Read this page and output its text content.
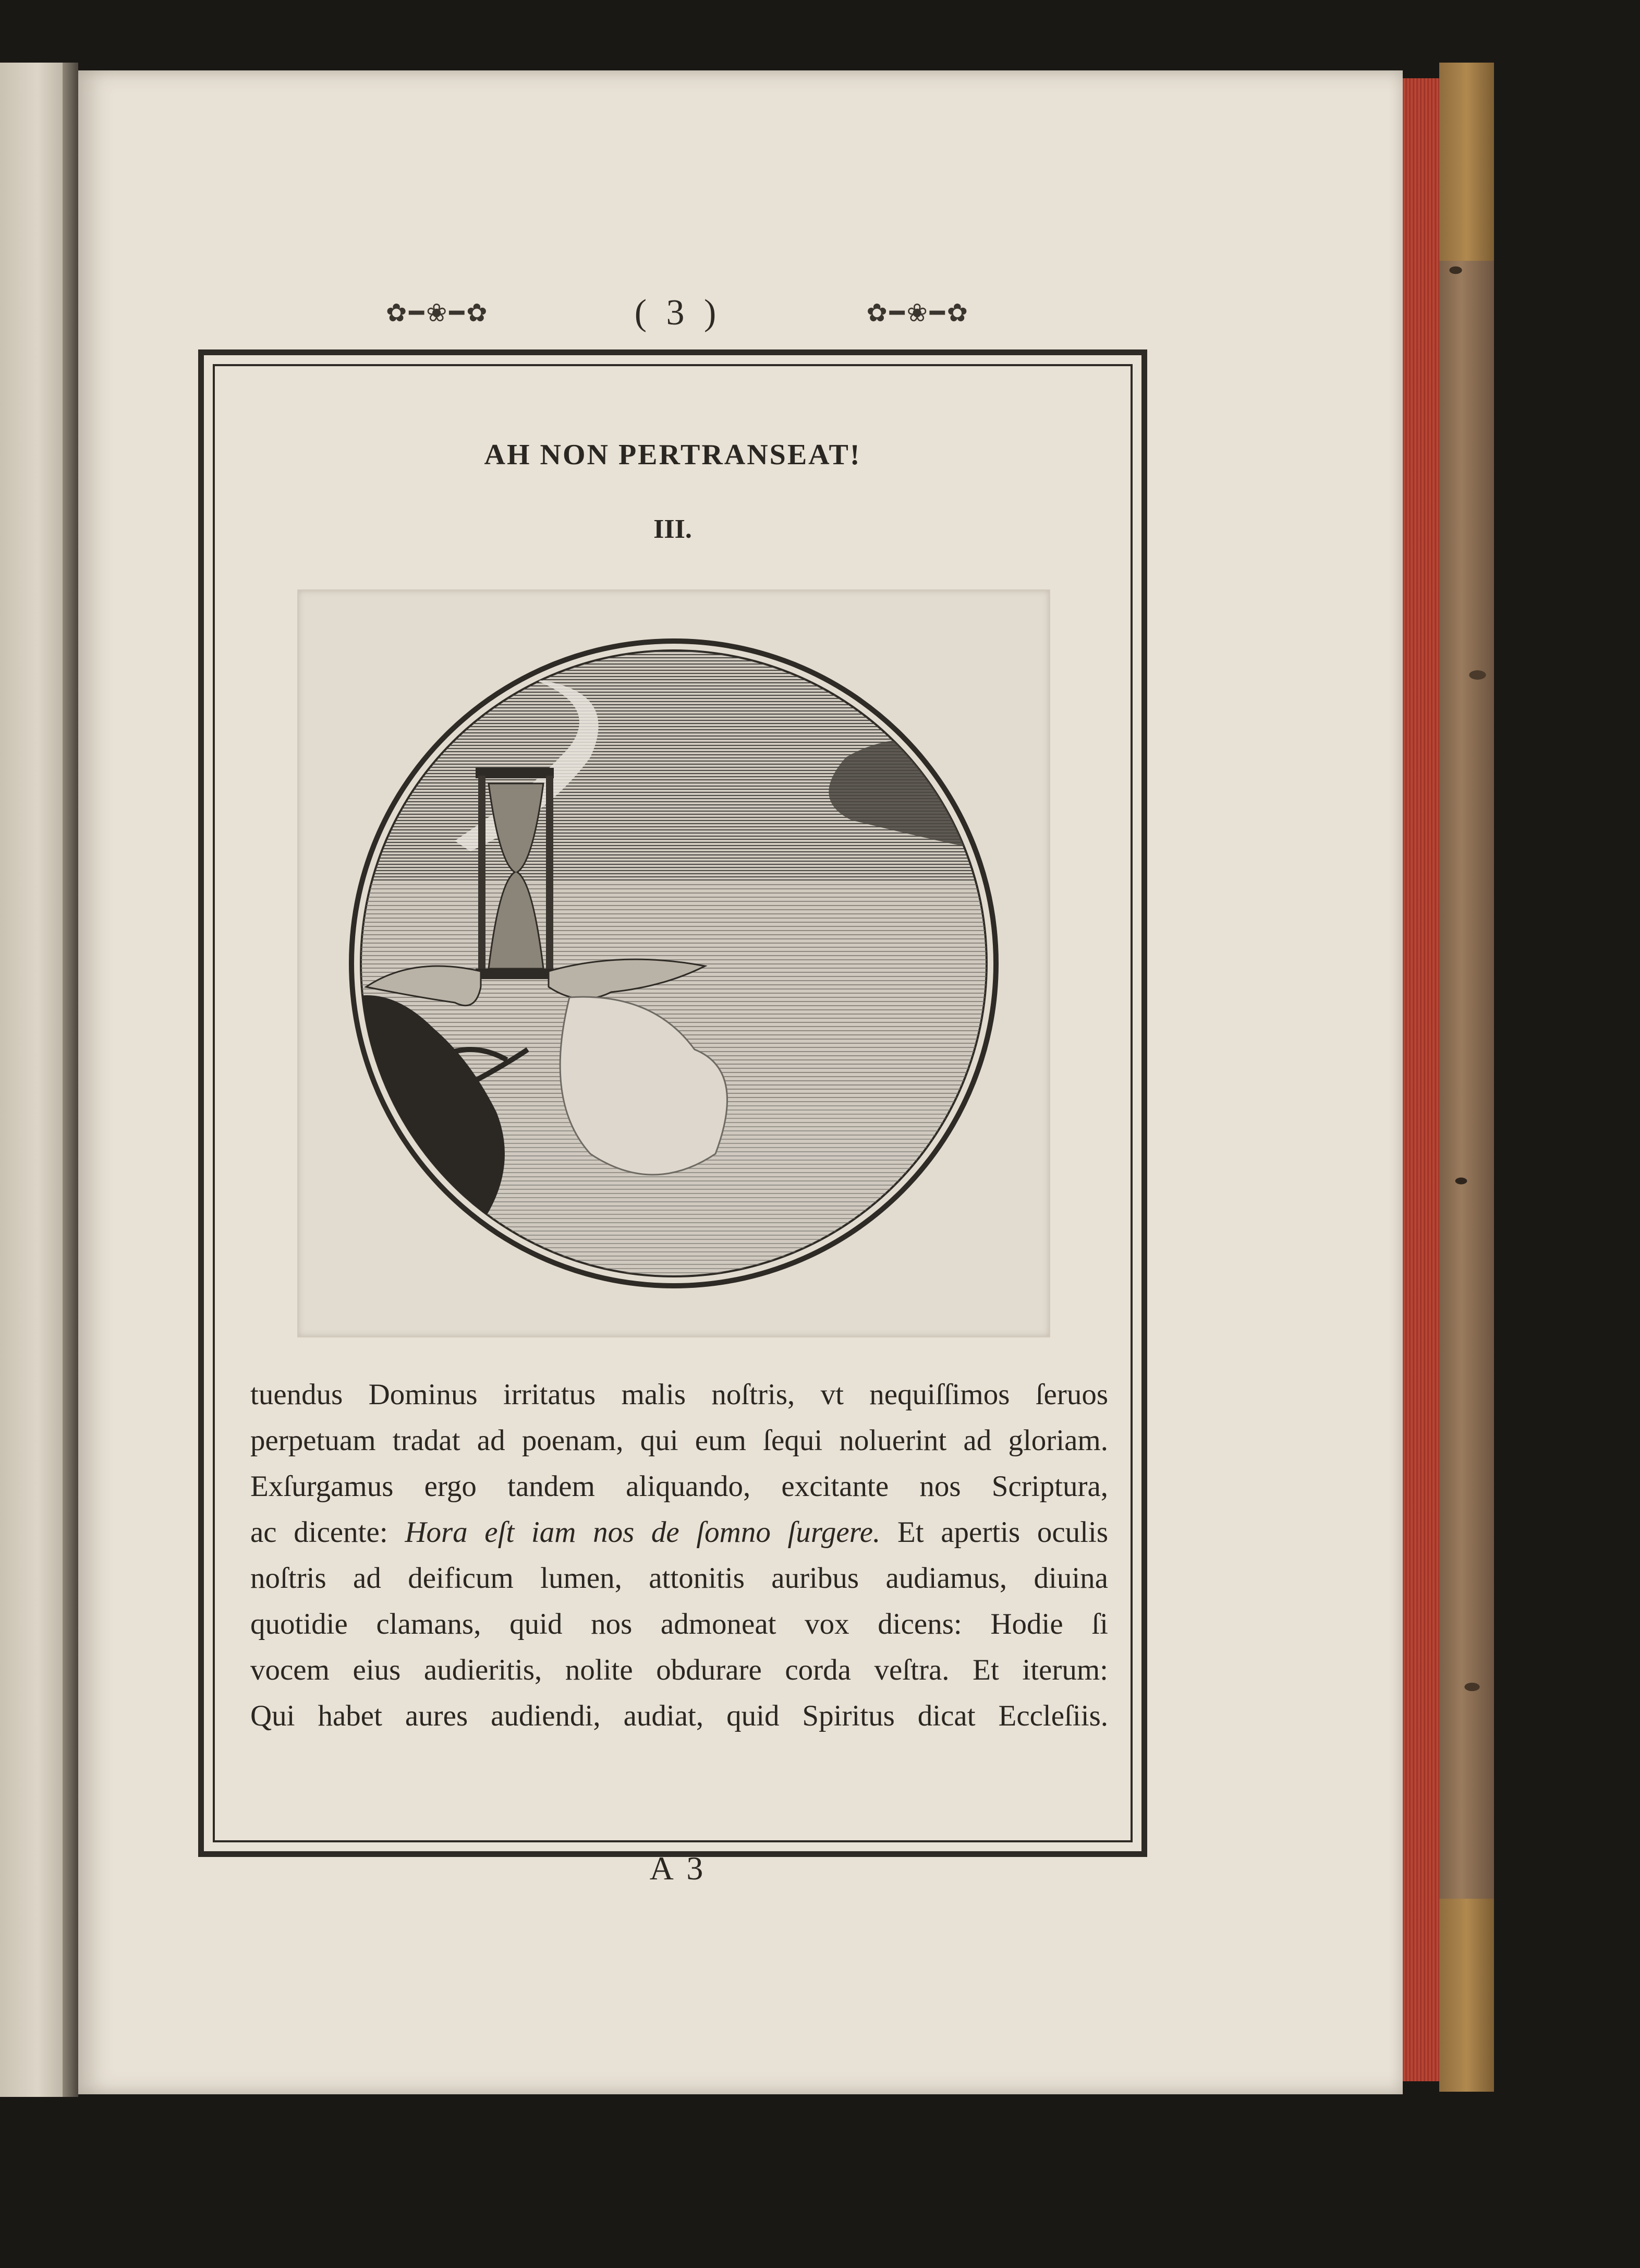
✿━❀━✿	( 3 )	✿━❀━✿
AH NON PERTRANSEAT!
III.
tuendus Dominus irritatus malis noſtris, vt nequiſſimos ſeruos
perpetuam tradat ad poenam, qui eum ſequi noluerint ad gloriam.
Exſurgamus ergo tandem aliquando, excitante nos Scriptura,
ac dicente: Hora eſt iam nos de ſomno ſurgere. Et apertis oculis
noſtris ad deificum lumen, attonitis auribus audiamus, diuina
quotidie clamans, quid nos admoneat vox dicens: Hodie ſi
vocem eius audieritis, nolite obdurare corda veſtra. Et iterum:
Qui habet aures audiendi, audiat, quid Spiritus dicat Eccleſiis.
A 3
